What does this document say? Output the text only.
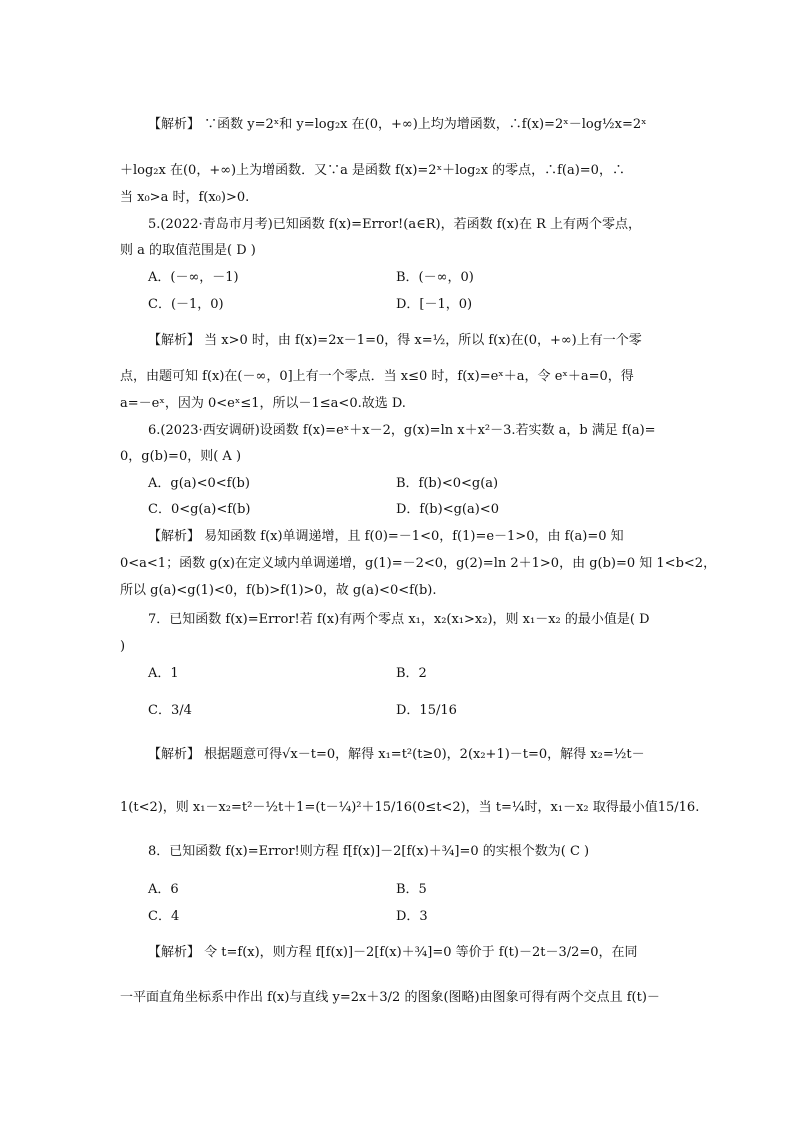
【解析】 ∵函数 y=2ˣ和 y=log₂x 在(0，+∞)上均为增函数，∴f(x)=2ˣ－log½x=2ˣ
＋log₂x 在(0，+∞)上为增函数．又∵a 是函数 f(x)=2ˣ＋log₂x 的零点，∴f(a)=0，∴
当 x₀>a 时，f(x₀)>0.
5.(2022·青岛市月考)已知函数 f(x)=Error!(a∈R)，若函数 f(x)在 R 上有两个零点，
则 a 的取值范围是( D )
A．(－∞，－1)	B．(－∞，0)
C．(－1，0)	D．[－1，0)
【解析】 当 x>0 时，由 f(x)=2x－1=0，得 x=½，所以 f(x)在(0，+∞)上有一个零
点，由题可知 f(x)在(－∞，0]上有一个零点．当 x≤0 时，f(x)=eˣ＋a，令 eˣ＋a=0，得
a=－eˣ，因为 0<eˣ≤1，所以－1≤a<0.故选 D.
6.(2023·西安调研)设函数 f(x)=eˣ＋x－2，g(x)=ln x＋x²－3.若实数 a，b 满足 f(a)=
0，g(b)=0，则( A )
A．g(a)<0<f(b)	B．f(b)<0<g(a)
C．0<g(a)<f(b)	D．f(b)<g(a)<0
【解析】 易知函数 f(x)单调递增，且 f(0)=－1<0，f(1)=e－1>0，由 f(a)=0 知
0<a<1；函数 g(x)在定义域内单调递增，g(1)=－2<0，g(2)=ln 2＋1>0，由 g(b)=0 知 1<b<2，
所以 g(a)<g(1)<0，f(b)>f(1)>0，故 g(a)<0<f(b).
7．已知函数 f(x)=Error!若 f(x)有两个零点 x₁，x₂(x₁>x₂)，则 x₁－x₂ 的最小值是( D
)
A．1	B．2
C．3/4	D．15/16
【解析】 根据题意可得√x－t=0，解得 x₁=t²(t≥0)，2(x₂+1)－t=0，解得 x₂=½t－
1(t<2)，则 x₁－x₂=t²－½t＋1=(t－¼)²＋15/16(0≤t<2)，当 t=¼时，x₁－x₂ 取得最小值15/16.
8．已知函数 f(x)=Error!则方程 f[f(x)]－2[f(x)＋¾]=0 的实根个数为( C )
A．6	B．5
C．4	D．3
【解析】 令 t=f(x)，则方程 f[f(x)]－2[f(x)＋¾]=0 等价于 f(t)－2t－3/2=0，在同
一平面直角坐标系中作出 f(x)与直线 y=2x＋3/2 的图象(图略)由图象可得有两个交点且 f(t)－
